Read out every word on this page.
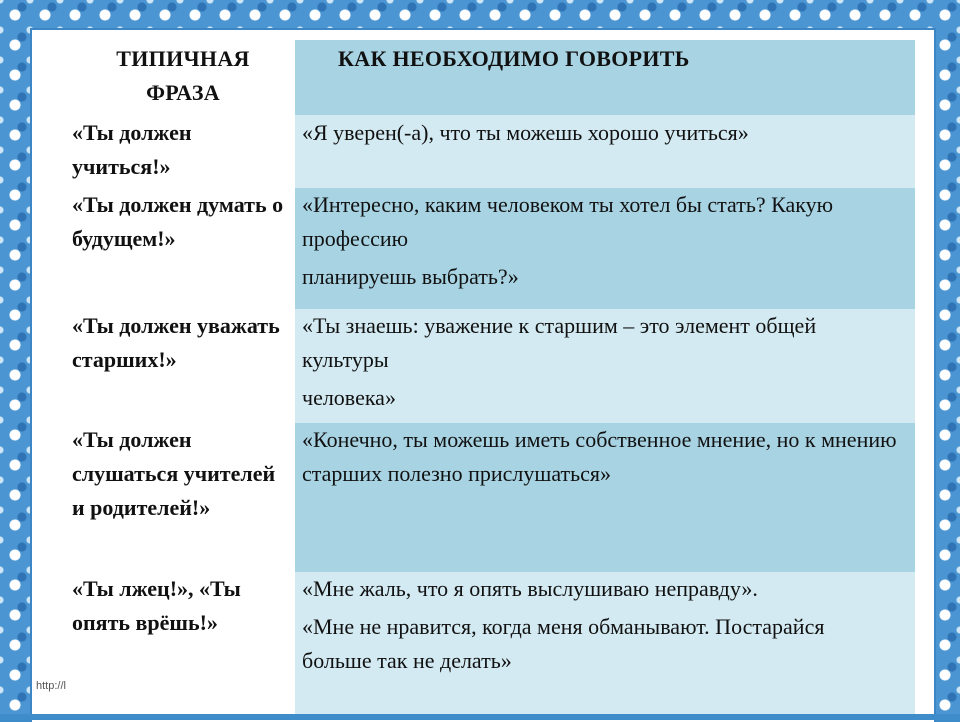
ТИПИЧНАЯ ФРАЗА
КАК НЕОБХОДИМО ГОВОРИТЬ
«Ты должен учиться!»

«Я уверен(-а), что ты можешь хорошо учиться»

«Ты должен думать о будущем!»

«Интересно, каким человеком ты хотел бы стать? Какую профессию

планируешь выбрать?»

«Ты должен уважать старших!»

«Ты знаешь: уважение к старшим – это элемент общей культуры

человека»

«Ты должен слушаться учителей и родителей!»

«Конечно, ты можешь иметь собственное мнение, но к мнению старших полезно прислушаться»

«Ты лжец!», «Ты опять врёшь!»

«Мне жаль, что я опять выслушиваю неправду».

«Мне не нравится, когда меня обманывают. Постарайся больше так не делать»

http://l
